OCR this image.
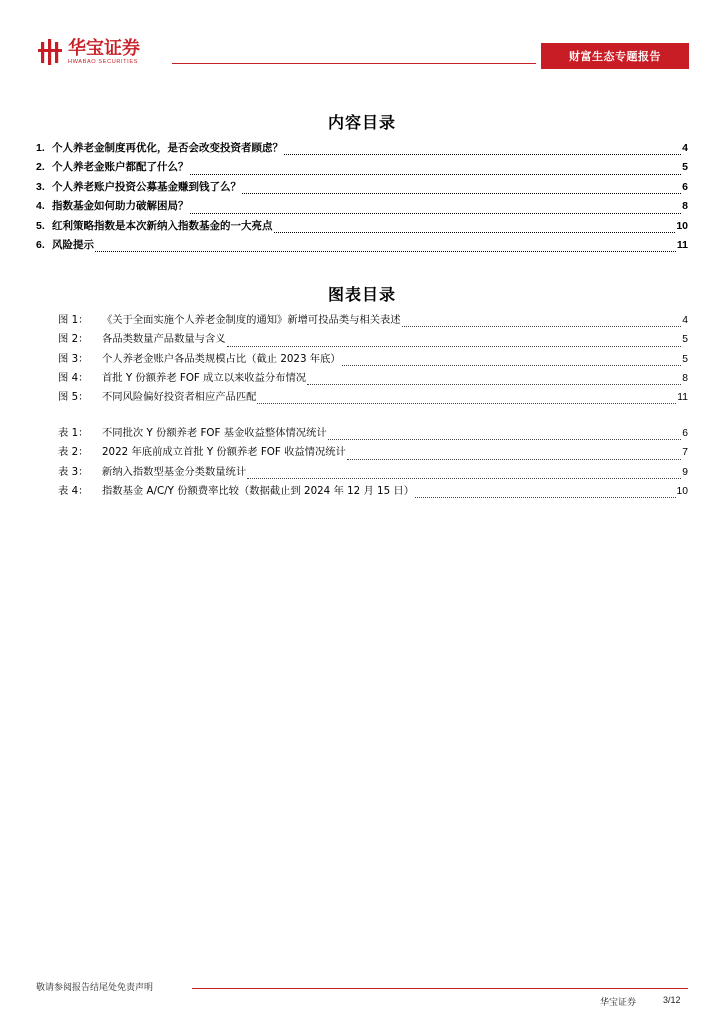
华宝证券
HWABAO SECURITIES	财富生态专题报告
内容目录
1. 个人养老金制度再优化，是否会改变投资者顾虑？	4
2. 个人养老金账户都配了什么？	5
3. 个人养老账户投资公募基金赚到钱了么？	6
4. 指数基金如何助力破解困局？	8
5. 红利策略指数是本次新纳入指数基金的一大亮点	10
6. 风险提示	11
图表目录
图 1：	《关于全面实施个人养老金制度的通知》新增可投品类与相关表述	4
图 2：	各品类数量产品数量与含义	5
图 3：	个人养老金账户各品类规模占比（截止 2023 年底）	5
图 4：	首批 Y 份额养老 FOF 成立以来收益分布情况	8
图 5：	不同风险偏好投资者相应产品匹配	11
表 1：	不同批次 Y 份额养老 FOF 基金收益整体情况统计	6
表 2：	2022 年底前成立首批 Y 份额养老 FOF 收益情况统计	7
表 3：	新纳入指数型基金分类数量统计	9
表 4：	指数基金 A/C/Y 份额费率比较（数据截止到 2024 年 12 月 15 日）	10
敬请参阅报告结尾处免责声明
华宝证券	3/12
